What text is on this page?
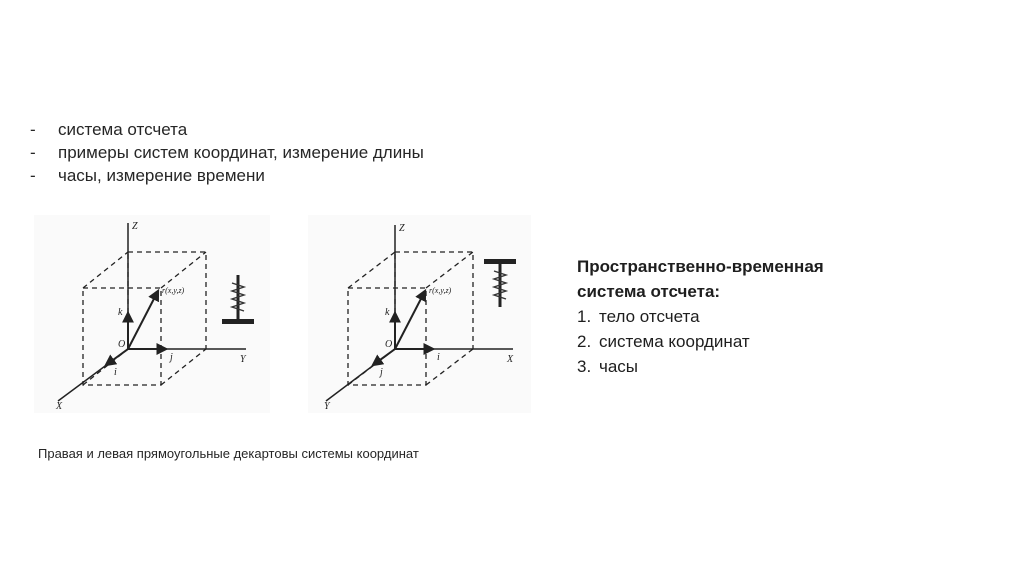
- система отсчета
- примеры систем координат, измерение длины
- часы, измерение времени
Z
Y
X
k
j
i
O
r(x,y,z)
Z
X
Y
k
i
j
O
r(x,y,z)
Правая и левая прямоугольные декартовы системы координат
Пространственно-временная
система отсчета:
1. тело отсчета
2. система координат
3. часы
